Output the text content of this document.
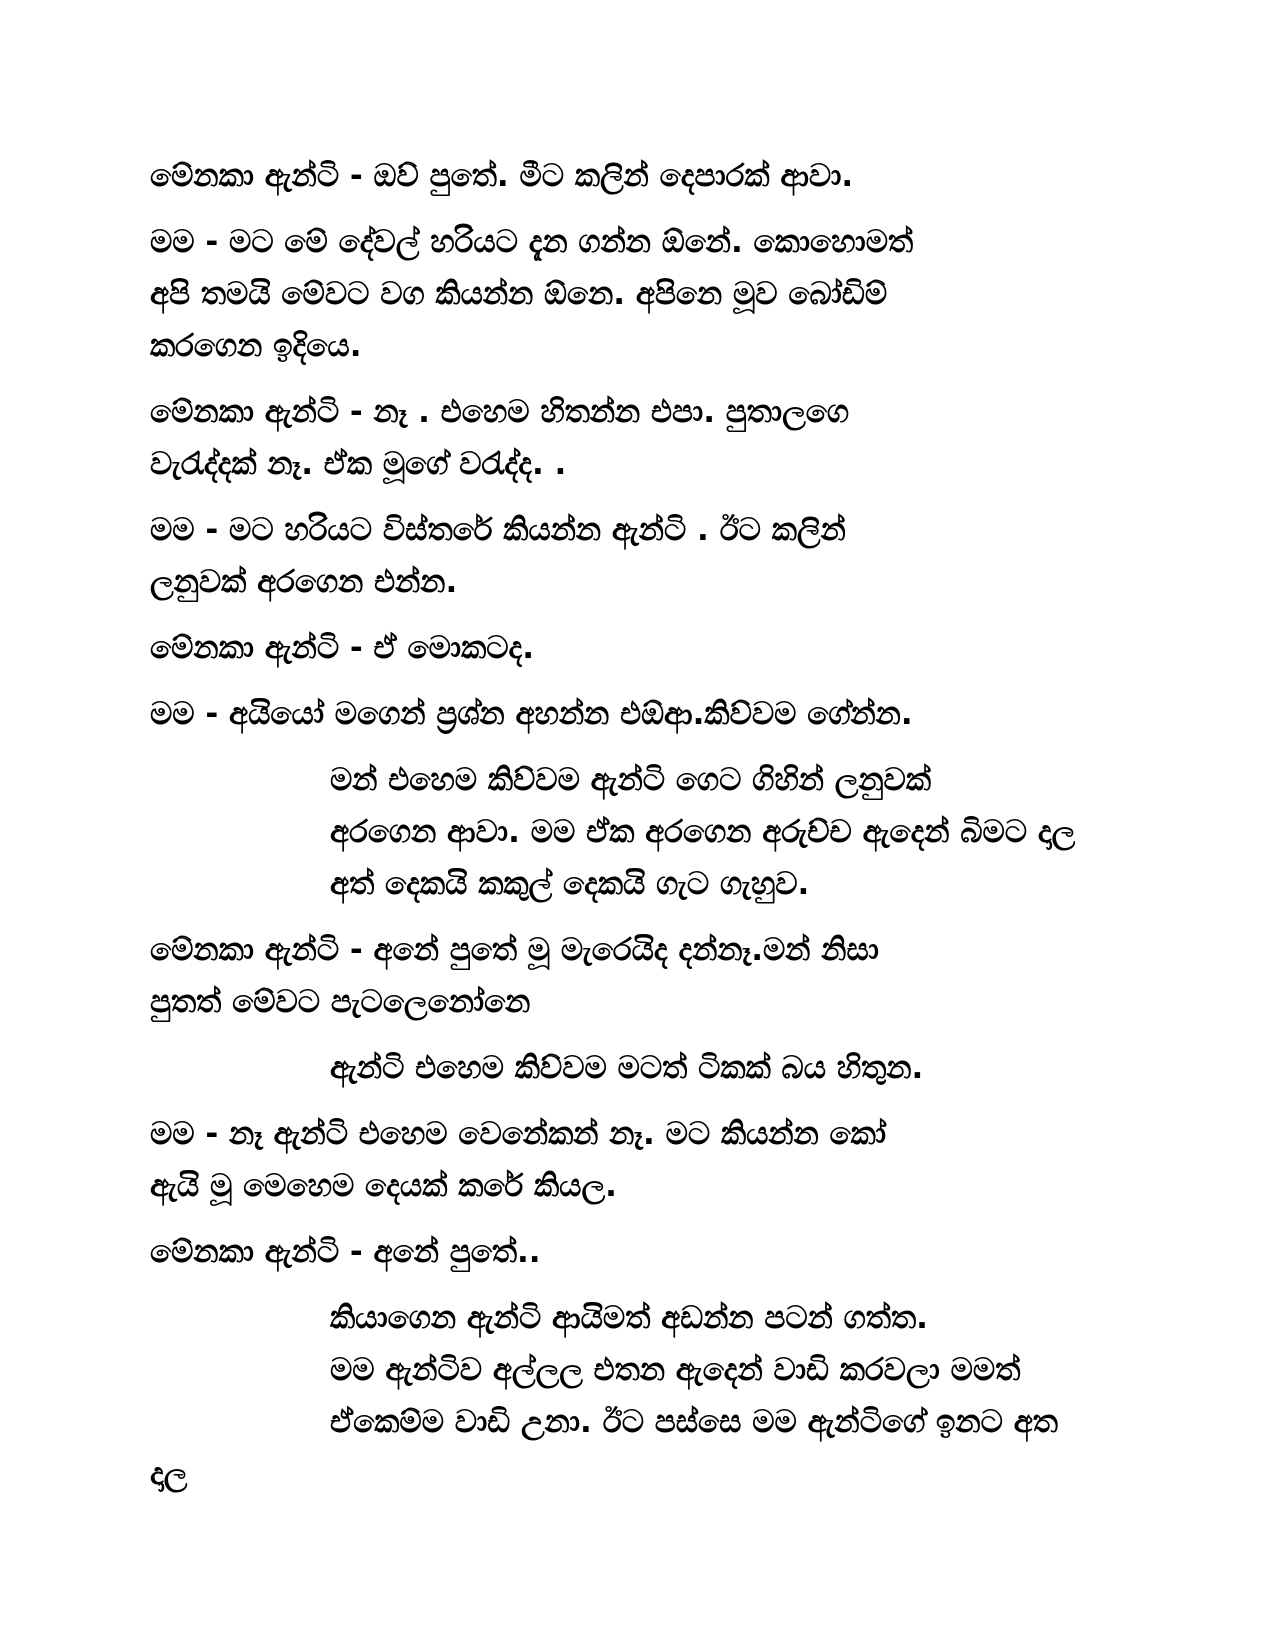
මේනකා ඇන්ටි - ඔව් පුතේ. මීට කලින් දෙපාරක් ආවා.

මම - මට මේ දේවල් හරියට දැන ගන්න ඕනේ. කොහොමත්
අපි තමයි මේවට වග කියන්න ඕනෙ. අපිනෙ මූව බෝඩිම්
කරගෙන ඉදියෙ.

මේනකා ඇන්ටි - නෑ . එහෙම හිතන්න එපා. පුතාලගෙ
වැරැද්දක් නෑ. ඒක මූගේ වරැද්ද. .

මම - මට හරියට විස්තරේ කියන්න ඇන්ටි . ඊට කලින්
ලනුවක් අරගෙන එන්න.

මේනකා ඇන්ටි - ඒ මොකටද.

මම - අයියෝ මගෙන් ප්‍රශ්න අහන්න එඕආ.කිව්වම ගේන්න.

මන් එහෙම කිව්වම ඇන්ටි ගෙට ගිහින් ලනුවක්
අරගෙන ආවා. මම ඒක අරගෙන අරුච්ච ඇදෙන් බිමට දාල
අත් දෙකයි කකුල් දෙකයි ගැට ගැහුව.

මේනකා ඇන්ටි - අනේ පුතේ මූ මැරෙයිද දන්නෑ.මන් නිසා
පුතත් මේවට පැටලෙනෝනෙ

ඇන්ටි එහෙම කිව්වම මටත් ටිකක් බය හිතුන.

මම - නෑ ඇන්ටි එහෙම වෙනේකන් නෑ. මට කියන්න කෝ
ඇයි මූ මෙහෙම දෙයක් කරේ කියල.

මේනකා ඇන්ටි - අනේ පුතේ..

කියාගෙන ඇන්ටි ආයිමත් අඩන්න පටන් ගත්ත.
මම ඇන්ටිව අල්ලල එතන ඇදෙන් වාඩි කරවලා මමත්
ඒකෙම්ම වාඩි උනා. ඊට පස්සෙ මම ඇන්ටිගේ ඉනට අත දාල
